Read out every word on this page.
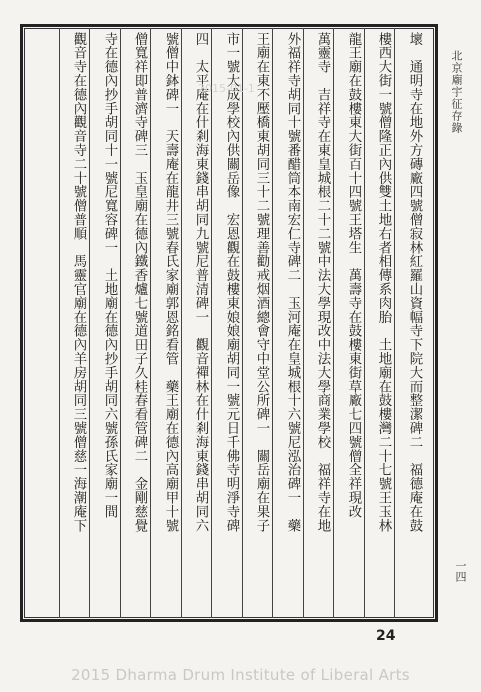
壞　通明寺在地外方磚廠四號僧寂林紅羅山資幅寺下院大而整潔碑二　福德庵在鼓
樓西大街一號僧隆正內供雙土地右者相傳系肉胎　土地廟在鼓樓灣二十七號王玉林
龍王廟在鼓樓東大街百十四號王塔生　萬壽寺在鼓樓東街草廠七四號僧全祥現改
萬靈寺　吉祥寺在東皇城根二十二號中法大學現改中法大學商業學校　福祥寺在地
外福祥寺胡同十號番醋筒本南宏仁寺碑二　玉河庵在皇城根十六號尼泓治碑一　藥
王廟在東不壓橋東胡同三十二號理善勸戒烟酒總會守中堂公所碑一　關岳廟在果子
市一號大成學校內供關岳像　宏恩觀在鼓樓東娘娘廟胡同一號元日千佛寺明淨寺碑
四　太平庵在什剎海東錢串胡同九號尼普清碑一　觀音禪林在什剎海東錢串胡同六
號僧中鉢碑一　天壽庵在龍井三號春氏家廟郭恩銘看管　藥王廟在德內高廟甲十號
僧寬祥即普濟寺碑三　玉皇廟在德內鐵香爐七號道田子久桂春看管碑二　金剛慈覺
寺在德內抄手胡同十一號尼寬容碑一　土地廟在德內抄手胡同六號孫氏家廟一間
觀音寺在德內觀音寺二十號僧普順　馬靈官廟在德內羊房胡同三號僧慈一海潮庵下	2015-01-1	北京廟宇征存錄
一四
24
2015 Dharma Drum Institute of Liberal Arts
